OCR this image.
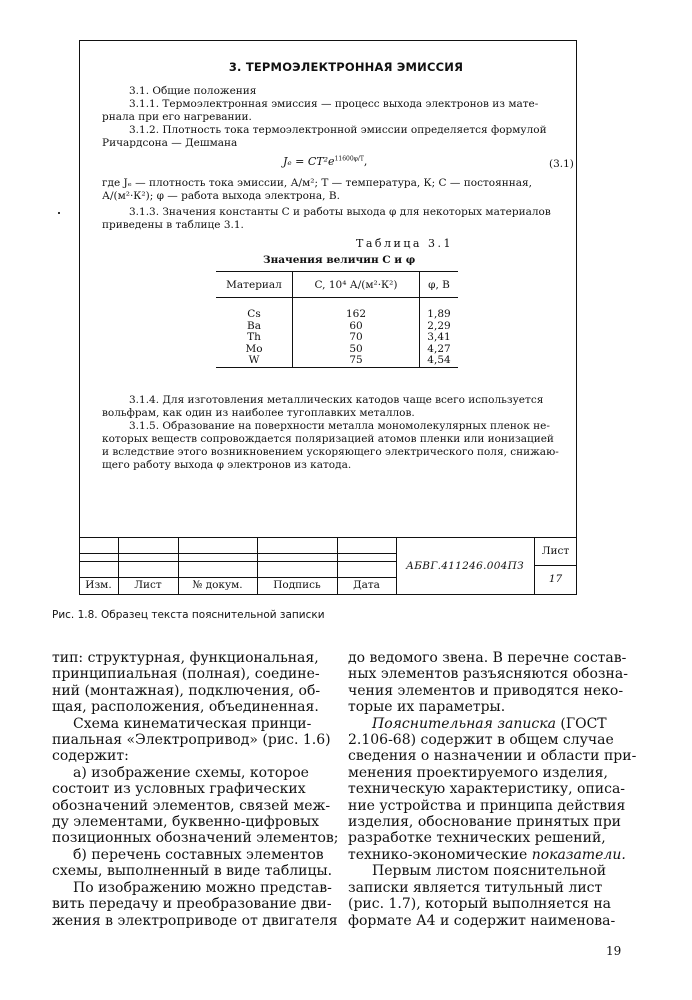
3. ТЕРМОЭЛЕКТРОННАЯ ЭМИССИЯ
3.1. Общие положения
3.1.1. Термоэлектронная эмиссия — процесс выхода электронов из мате-
рнала при его нагревании.
3.1.2. Плотность тока термоэлектронной эмиссии определяется формулой
Ричардсона — Дешмана
$J_e = CT^2e^{11600\varphi/T}$,	(3.1)
где Jₑ — плотность тока эмиссии, А/м²; T — температура, К; C — постоянная,
А/(м²·К²); φ — работа выхода электрона, В.
3.1.3. Значения константы C и работы выхода φ для некоторых материалов
приведены в таблице 3.1.
Таблица 3.1
Значения величин C и φ
Материал	C, 10⁴ А/(м²·К²)	φ, В

Cs	162	1,89
Ba	60	2,29
Th	70	3,41
Mo	50	4,27
W	75	4,54
3.1.4. Для изготовления металлических катодов чаще всего используется
вольфрам, как один из наиболее тугоплавких металлов.
3.1.5. Образование на поверхности металла мономолекулярных пленок не-
которых веществ сопровождается поляризацией атомов пленки или ионизацией
и вследствие этого возникновением ускоряющего электрического поля, снижаю-
щего работу выхода φ электронов из катода.
Изм.	Лист	№ докум.	Подпись	Дата
АБВГ.411246.004ПЗ
Лист
17
Рис. 1.8. Образец текста пояснительной записки
тип: структурная, функциональная,
принципиальная (полная), соедине-
ний (монтажная), подключения, об-
щая, расположения, объединенная.
Схема кинематическая принци-
пиальная «Электропривод» (рис. 1.6)
содержит:
а) изображение схемы, которое
состоит из условных графических
обозначений элементов, связей меж-
ду элементами, буквенно-цифровых
позиционных обозначений элементов;
б) перечень составных элементов
схемы, выполненный в виде таблицы.
По изображению можно представ-
вить передачу и преобразование дви-
жения в электроприводе от двигателя
до ведомого звена. В перечне состав-
ных элементов разъясняются обозна-
чения элементов и приводятся неко-
торые их параметры.
Пояснительная записка (ГОСТ
2.106-68) содержит в общем случае
сведения о назначении и области при-
менения проектируемого изделия,
техническую характеристику, описа-
ние устройства и принципа действия
изделия, обоснование принятых при
разработке технических решений,
технико-экономические показатели.
Первым листом пояснительной
записки является титульный лист
(рис. 1.7), который выполняется на
формате А4 и содержит наименова-
19
